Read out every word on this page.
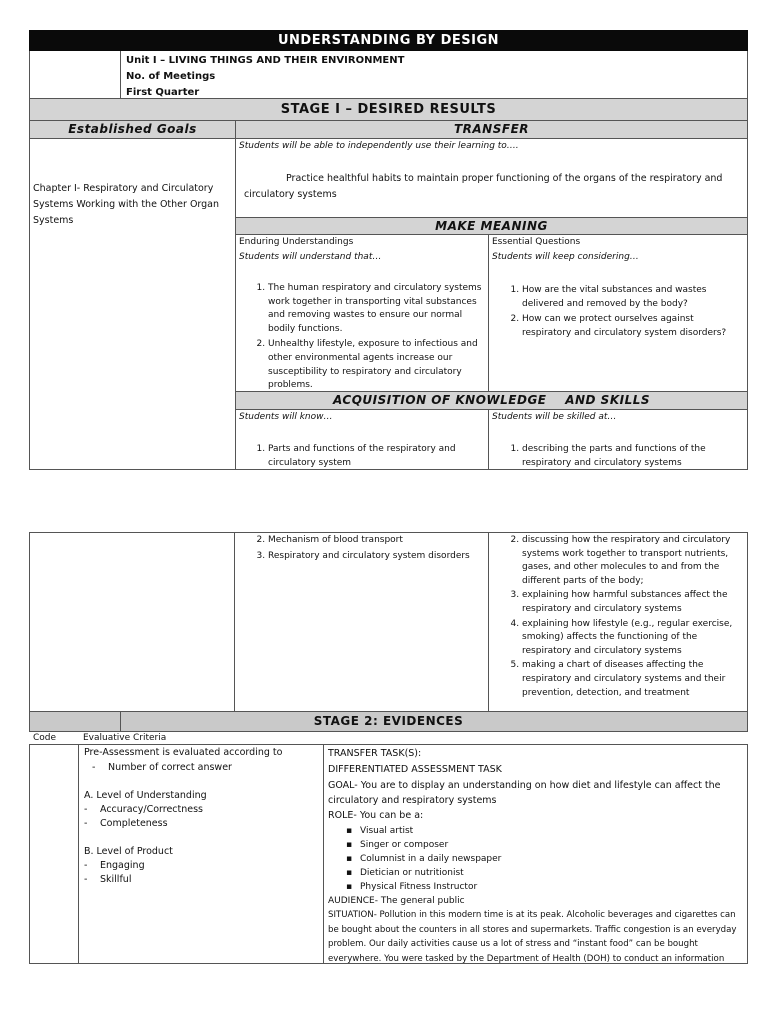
UNDERSTANDING BY DESIGN
Unit I – LIVING THINGS AND THEIR ENVIRONMENT
No. of Meetings
First Quarter
STAGE I – DESIRED RESULTS
Established Goals	TRANSFER
Chapter I- Respiratory and Circulatory Systems Working with the Other Organ Systems
Students will be able to independently use their learning to….
Practice healthful habits to maintain proper functioning of the organs of the respiratory and circulatory systems
MAKE MEANING
Enduring Understandings
Students will understand that…
1. The human respiratory and circulatory systems work together in transporting vital substances and removing wastes to ensure our normal bodily functions.
2. Unhealthy lifestyle, exposure to infectious and other environmental agents increase our susceptibility to respiratory and circulatory problems.
Essential Questions
Students will keep considering…
1. How are the vital substances and wastes delivered and removed by the body?
2. How can we protect ourselves against respiratory and circulatory system disorders?
ACQUISITION OF KNOWLEDGE    AND SKILLS
Students will know…
1. Parts and functions of the respiratory and circulatory system
Students will be skilled at…
1. describing the parts and functions of the respiratory and circulatory systems
2. Mechanism of blood transport
3. Respiratory and circulatory system disorders
2. discussing how the respiratory and circulatory systems work together to transport nutrients, gases, and other molecules to and from the different parts of the body;
3. explaining how harmful substances affect the respiratory and circulatory systems
4. explaining how lifestyle (e.g., regular exercise, smoking) affects the functioning of the respiratory and circulatory systems
5. making a chart of diseases affecting the respiratory and circulatory systems and their prevention, detection, and treatment
STAGE 2: EVIDENCES
Code	Evaluative Criteria
Pre-Assessment is evaluated according to
- Number of correct answer
A. Level of Understanding
- Accuracy/Correctness
- Completeness
B. Level of Product
- Engaging
- Skillful
TRANSFER TASK(S):
DIFFERENTIATED ASSESSMENT TASK
GOAL- You are to display an understanding on how diet and lifestyle can affect the circulatory and respiratory systems
ROLE- You can be a:
▪ Visual artist
▪ Singer or composer
▪ Columnist in a daily newspaper
▪ Dietician or nutritionist
▪ Physical Fitness Instructor
AUDIENCE- The general public
SITUATION- Pollution in this modern time is at its peak. Alcoholic beverages and cigarettes can be bought about the counters in all stores and supermarkets. Traffic congestion is an everyday problem. Our daily activities cause us a lot of stress and “instant food” can be bought everywhere. You were tasked by the Department of Health (DOH) to conduct an information
